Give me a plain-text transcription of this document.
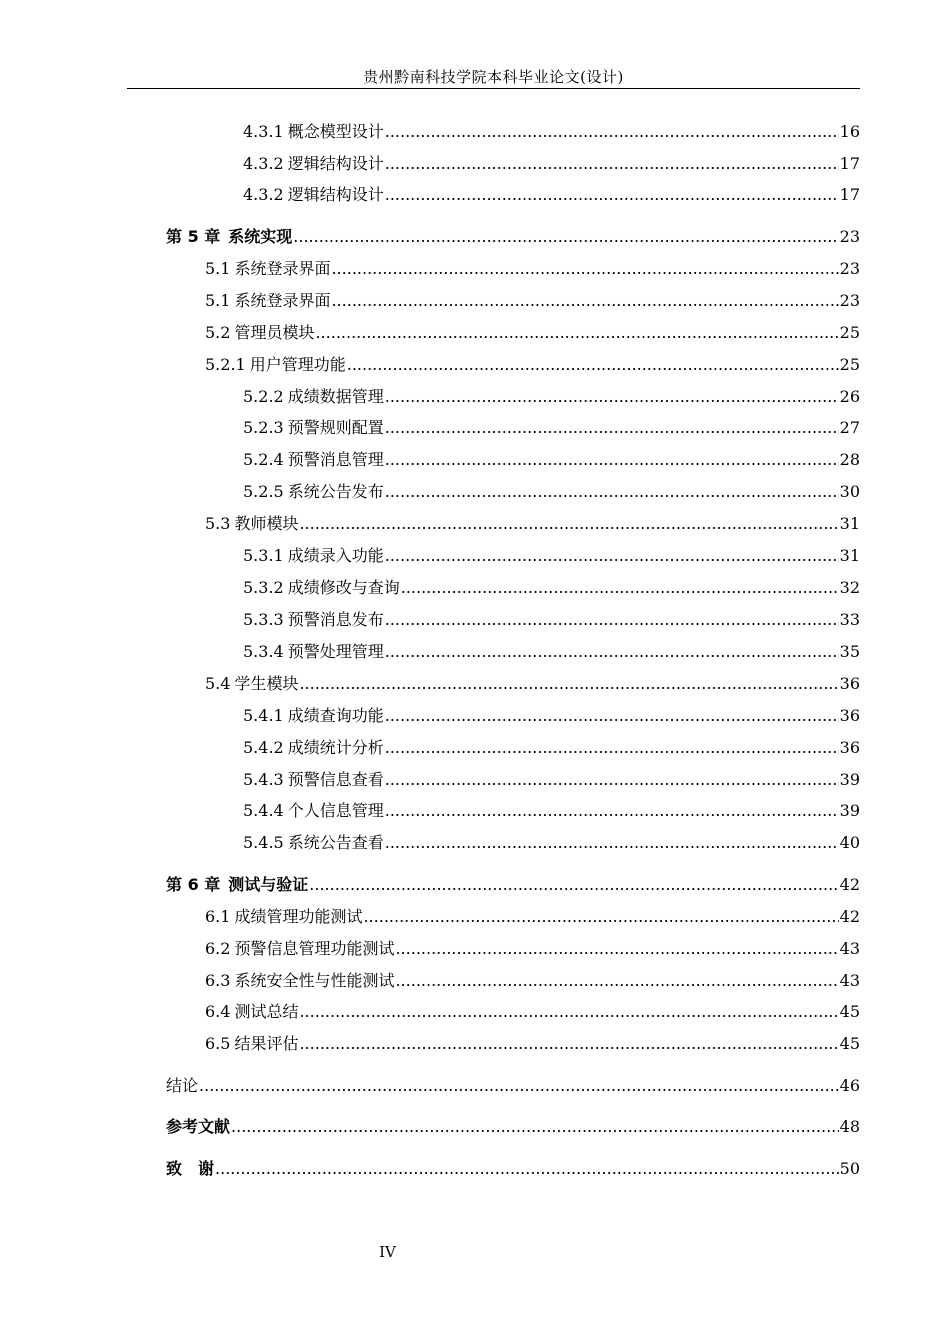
贵州黔南科技学院本科毕业论文(设计)
4.3.1 概念模型设计 .....	16
4.3.2 逻辑结构设计 .....	17
4.3.2 逻辑结构设计 .....	17
第 5 章 系统实现 .....	23
5.1 系统登录界面 .....	23
5.1 系统登录界面 .....	23
5.2 管理员模块 .....	25
5.2.1 用户管理功能 .....	25
5.2.2 成绩数据管理 .....	26
5.2.3 预警规则配置 .....	27
5.2.4 预警消息管理 .....	28
5.2.5 系统公告发布 .....	30
5.3 教师模块 .....	31
5.3.1 成绩录入功能 .....	31
5.3.2 成绩修改与查询 .....	32
5.3.3 预警消息发布 .....	33
5.3.4 预警处理管理 .....	35
5.4 学生模块 .....	36
5.4.1 成绩查询功能 .....	36
5.4.2 成绩统计分析 .....	36
5.4.3 预警信息查看 .....	39
5.4.4 个人信息管理 .....	39
5.4.5 系统公告查看 .....	40
第 6 章 测试与验证 .....	42
6.1 成绩管理功能测试 .....	42
6.2 预警信息管理功能测试 .....	43
6.3 系统安全性与性能测试 .....	43
6.4 测试总结 .....	45
6.5 结果评估 .....	45
结论 .....	46
参考文献 .....	48
致　谢 .....	50
IV
